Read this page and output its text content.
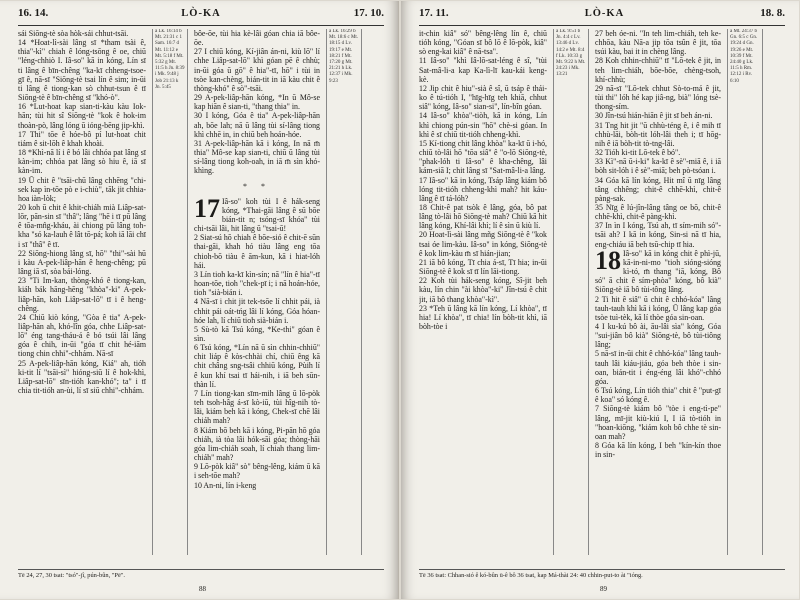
16. 14.	LÒ-KA	17. 10.

sái Siōng-tè sòa hòk-sái chhut-tsāi.

14 *Hoat-lì-sài lâng sī *tham tsài ê, thia"-kì" chiah ê lóng-tsōng ê oe, chiū "léng-chhiò I. Iâ-so" kā in kóng, Lín sī ti lâng ê bīn-chêng "ka-kī chheng-tsoe-gī ê, nā-sī "Siōng-tè tsai lín ê sim; in-ūi ti lâng ê tiong-kan sò chhut-tsun ê tī Siōng-tè ê bīn-chêng sī "khó-ò".

16 *Lut-hoat kap sian-ti-kàu kàu Iok-hān; tùi hit sî Siōng-tè "kok ê hok-im thoàn-pò, lâng lóng ū ióng-bēng jip-khì.

17 Thi" tōe ê hóe-bô pí lut-hoat chit tiám ê sit-lōh ê khah khoài.

18 *Khì-nā lí i ê bó lâi chhóa pat lâng sī kàn-im; chhóa pat lâng sò hiu ê, iā sī kàn-im.

19 Ū chit ê "tsāi-chū lâng chhēng "chi-sek kap ìn-tōe pò e i-chiù", tāk jit chhia-hoa iàn-lòk;

20 koh ū chit ê khit-chiáh mià Liâp-sat-lōr, pān-sin sī "thâ"; lâng "hē i tī pū lâng ê tōa-mn̂g-kháu, ài chiong pū lâng toh-kha "só ka-lauh ê lât tō-pá; koh iā lāi chī i sī "thâ" ê tī.

22 Siōng-hiong lâng sī, hō" "thi"-sài hū i kàu A-pek-liâp-hān ê heng-chêng; pū lâng iā sī, sòa bái-lóng.

23 "Ti Im-kan, thòng-khó ê tiong-kan, kiáh bák hāng-hēng "khòa"-ki" A-pek-liâp-hān, koh Liâp-sat-lō" tī i ê heng-chêng.

24 Chiū kiò kóng, "Gòa ê tia" A-pek-liâp-hān ah, khó-lîn góa, chhe Liâp-sat-lō" éng tang-tháu-á ê bó tsúi lâi lâng góa ê chih, in-ūi "góa tī chit hé-iām tiong chin chhi"-chhám. Nā-sī

25 A-pek-liâp-hān kóng, Kiá" ah, tióh ki-tit lí "tsāi-sì" hióng-siū lí ê hok-khì, Liâp-sat-lō" sīn-tióh kan-khó"; ta" i tī chia tit-tióh an-ùi, lí sī siū chhi"-chhám.

a Lk. 16:14 b Mt. 21:31 c 1 Sam. 16:7 d Mt. 11:12 e Mt. 5:18 f Mt. 5:32 g Mt. 11:5 h Jn. 8:39 i Mk. 9:48 j Job 21:13 k Jn. 5:45

bôe-ōe, tùi hia kè-lâi góan chia iā bôe-ōe.

27 I chiū kóng, Kí-jiân án-ni, kiù lō" lí chhe Liâp-sat-lō" khì góan pē ê chhù; in-ūi góa ū gō" ê hia"-tī, hō" i tùi in tsòe kan-chèng, bián-tit in iā kàu chit ê thòng-khó" ê sò"-tsāi.

29 A-pek-liâp-hān kóng, *In ū Mô-se kap hiān ê sian-ti, "thang thia" in.

30 I kóng, Góa ê tia" A-pek-liâp-hān ah, bōe lah; nā ū lâng tùi sí-lâng tiong khì chhē in, in chiū beh hoán-hóe.

31 A-pek-liâp-hān kā i kóng, In nā m̄ thia" Mô-se kap sian-ti, chiū ū lâng tùi sí-lâng tiong koh-oah, in iā m̄ sìn khó-khìng.

* *
17 Iâ-so" koh tùi I ê hák-seng kóng, *Thai-gāi lâng ê sū bōe bián-tit n; tsóng-sī khóa" tùi chi-tsāi lâi, hit lâng ū "tsai-ū!

2 Siat-sú hō chiah ê bōe-sió ê chit-ē sūn thai-gāi, khah hó tiàu lâng eng tōa chioh-bō tiàu ê ām-kun, kā i hiat-lóh hái.

3 Lín tioh ka-kī kìn-sín; nā "lín ê hia"-tī hoan-tōe, tioh "chek-pī i; i nā hoán-hóe, tioh "sià-bián i.

4 Nā-sī i chit jit tek-tsōe lí chhit pái, ià chhit pái oát-tńg lâi lí kóng, Góa hóan-hóe lah, lí chiū tioh sià-bián i.

5 Sù-tò kā Tsú kóng, *Ke-thi" góan ê sìn.

6 Tsú kóng, *Lín nā ū sìn chhin-chhiū" chit liáp ê kòs-chhài chí, chiū êng kā chit châng sng-tsâi chhiū kóng, Pùih lí ê kun khí tsai tī hái-nih, i iā beh sūn-thàn lí.

7 Lín tiong-kan sīm-mih lâng ū lō-pòk teh tsoh-hâg á-sī kò-iū, tùi hîg-nih tò-lâi, kiám beh kā i kóng, Chek-sī chē lâi chiáh mah?

8 Kiám bō beh kā i kóng, Pi-pān hō góa chiáh, ià tòa lâi hók-sāi góa; thòng-hāi góa lim-chiáh soah, lí chiah thang lim-chiáh" mah?

9 Lō-pòk kiâ" sò" bêng-lêng, kiám ū kā i seh-tōe mah?

10 An-ni, lín i-keng

a Lk. 16:29 b Mt. 18:6 c Mt. 18:15 d Lv. 19:17 e Mt. 18:21 f Mt. 17:20 g Mt. 21:21 h Lk. 12:37 i Mk. 9:23
Tē 24, 27, 30 tsat: "tsó"-jî, pún-bûn, "Pē".
88
17. 11.	LÒ-KA	18. 8.

it-chin kiâ" só" bêng-lêng lín ê, chiū tióh kóng, "Góan sī bô lō ê lō-pòk, kiâ" sò eng-kai kiâ" ê nā-tsa".

11 Iâ-so" "khì Iâ-lō-sat-léng ê sî, "tùi Sat-mâ-li-a kap Ka-lì-lī kau-kái keng-kè.

12 Jip chit ê hiu"-sià ê sî, ū tsáp ê thái-ko ê tú-tióh I, "hīg-hīg teh khiā, chhut siâ" kóng, Iâ-so" sian-si", lín-bîn góan.

14 Iâ-so" khòa"-tiòh, kā in kóng, Lín khì chiong pún-sin "hō" chè-si góan. In khì ê sī chiū tit-tióh chheng-khì.

15 Kí-tiong chit lâng khòa" ka-kī ū i-hó, chiū tò-lâi hō "tōa siâ" ê "o-lō Siōng-tè, "phak-lóh ti Iâ-so" ê kha-chêng, lâi kám-siā I; chit lâng sī "Sat-mâ-li-a lâng.

17 Iâ-so" kā in kóng, Tsáp lâng kiám bô lóng tit-tióh chheng-khì mah? hit káu-lâng ê tī tá-lóh?

18 Chit-ê pat tsòk ê lâng, góa, bô pat lâng tò-lâi hō Siōng-tè mah? Chiū kā hit lâng kóng, Khí-lâi khì; lí ê sìn ū kiù lí.

20 Hoat-lì-sài lâng mñg Siōng-tè ê "kok tsai óe lim-kàu. Iâ-so" in kóng, Siōng-tè ê kok lim-kàu m̄ sī hián-jian;

21 iā bô kóng, Tī chia á-sī, Tī hia; in-ūi Siōng-tè ê kok sī tī lín lāi-tiong.

22 Koh tùi hák-seng kóng, Sî-jit beh kàu, lín chin "ài khòa"-ki" Jîn-tsú ê chit jit, iā bô thang khòa"-kì".

23 *Teh ū lâng kā lín kóng, Lí khòa", tī hia! Lí khòa", tī chia! lín bòh-tit khì, iā bòh-tòe i

a Lk. 9:51 b Jn. 4:4 c Lv. 13:46 d Lv. 14:2 e Mt. 8:4 f Lk. 10:33 g Mt. 9:22 h Mt. 24:23 i Mk. 13:21

27 beh óe-ni. "In teh lim-chiáh, teh ke-chhōa, kàu Nā-a jip tōa tsûn ê jit, tōa tsúi kàu, bai it in chèng lâng.

28 Koh chhin-chhiū" tī "Lō-tek ê jit, in teh lim-chiáh, bōe-bōe, chèng-tsoh, khí-chhù;

29 nā-sī "Lō-tek chhut Sò-to-má ê jit, tùi thi" lóh hé kap jiâ-ng, bià" lóng tsè-thong-sím.

30 Jîn-tsú hián-hiān ê jit sī beh án-ni.

31 Tng hit jit "ū chhù-téng ê, i ê mih tī chhù-lāi, bòh-tit lóh-lâi theh i; tī hōg-nih ê iā bòh-tit tò-tng-lâi.

32 Tióh ki-tit Lō-tek ê bó".

33 Kì"-nā ū-i-ki" ka-kī ê sè"-miā ê, i iā bòh sit-lóh i ê sè"-miā; beh pò-tsóan i.

34 Góa kā lín kóng, Hit mî ū nīg lâng tâng chhêng; chit-ê chhē-khì, chit-ê pàng-sak.

35 Nīg ê lú-jîn-lâng tâng oe bō, chit-ê chhē-khì, chit-ê pàng-khì.

37 In ìn I kóng, Tsú ah, tī sím-mih só"-tsāi ah? I kā in kóng, Sin-si nā tī hia, eng-chiáu iā beh tsū-chip tī hia.

18 Iâ-so" kā in kóng chit ê phì-jū, kā-in-ni-mo "tioh sióng-sióng kì-tó, m̄ thang "iā, kóng, Bô só" ā chit ê sím-phòa" kóng, bô kià" Siōng-tè iā bô tùi-tông lâng.

2 Ti hit ê siâ" ū chit ê chhó-kóa" lâng tauh-tauh khì kā i kóng, Ū lâng kap góa tsòe tuì-tèk, kā lí thòe góa sin-oan.

4 I ku-kú bô ài, āu-lâi sìa" kóng, Góa "sui-jiân bô kià" Siōng-tè, bô tùi-tiông lâng;

5 nā-sī in-ūi chit ê chhó-kóa" lâng tauh-tauh lâi kiáu-jiáu, góa beh thòe i sin-oan, bián-tit i éng-éng lâi khó"-chhó góa.

6 Tsú kóng, Lín tióh thia" chit ê "put-gī ê koa" só kóng ê.

7 Siōng-tè kiám bô "tòe i eng-tì-pe" lâng, mī-jit kiù-kiú I, I iā tò-tióh in "hoan-kiōng, "kiám koh bô chhe tè sin-oan mah?

8 Góa kā lín kóng, I beh "kín-kín thoe in sin-

a Mt. 24:37 b Gn. 6:5 c Gn. 19:24 d Gn. 19:26 e Mt. 10:39 f Mt. 24:40 g Lk. 11:5 h Rm. 12:12 i Rv. 6:10
Tē 36 tsat: Chhan-sió ê kó-bûn ū-ê bô 36 tsat, kap Má-thài 24: 40 chhin-put-to ài "ióng.
89
